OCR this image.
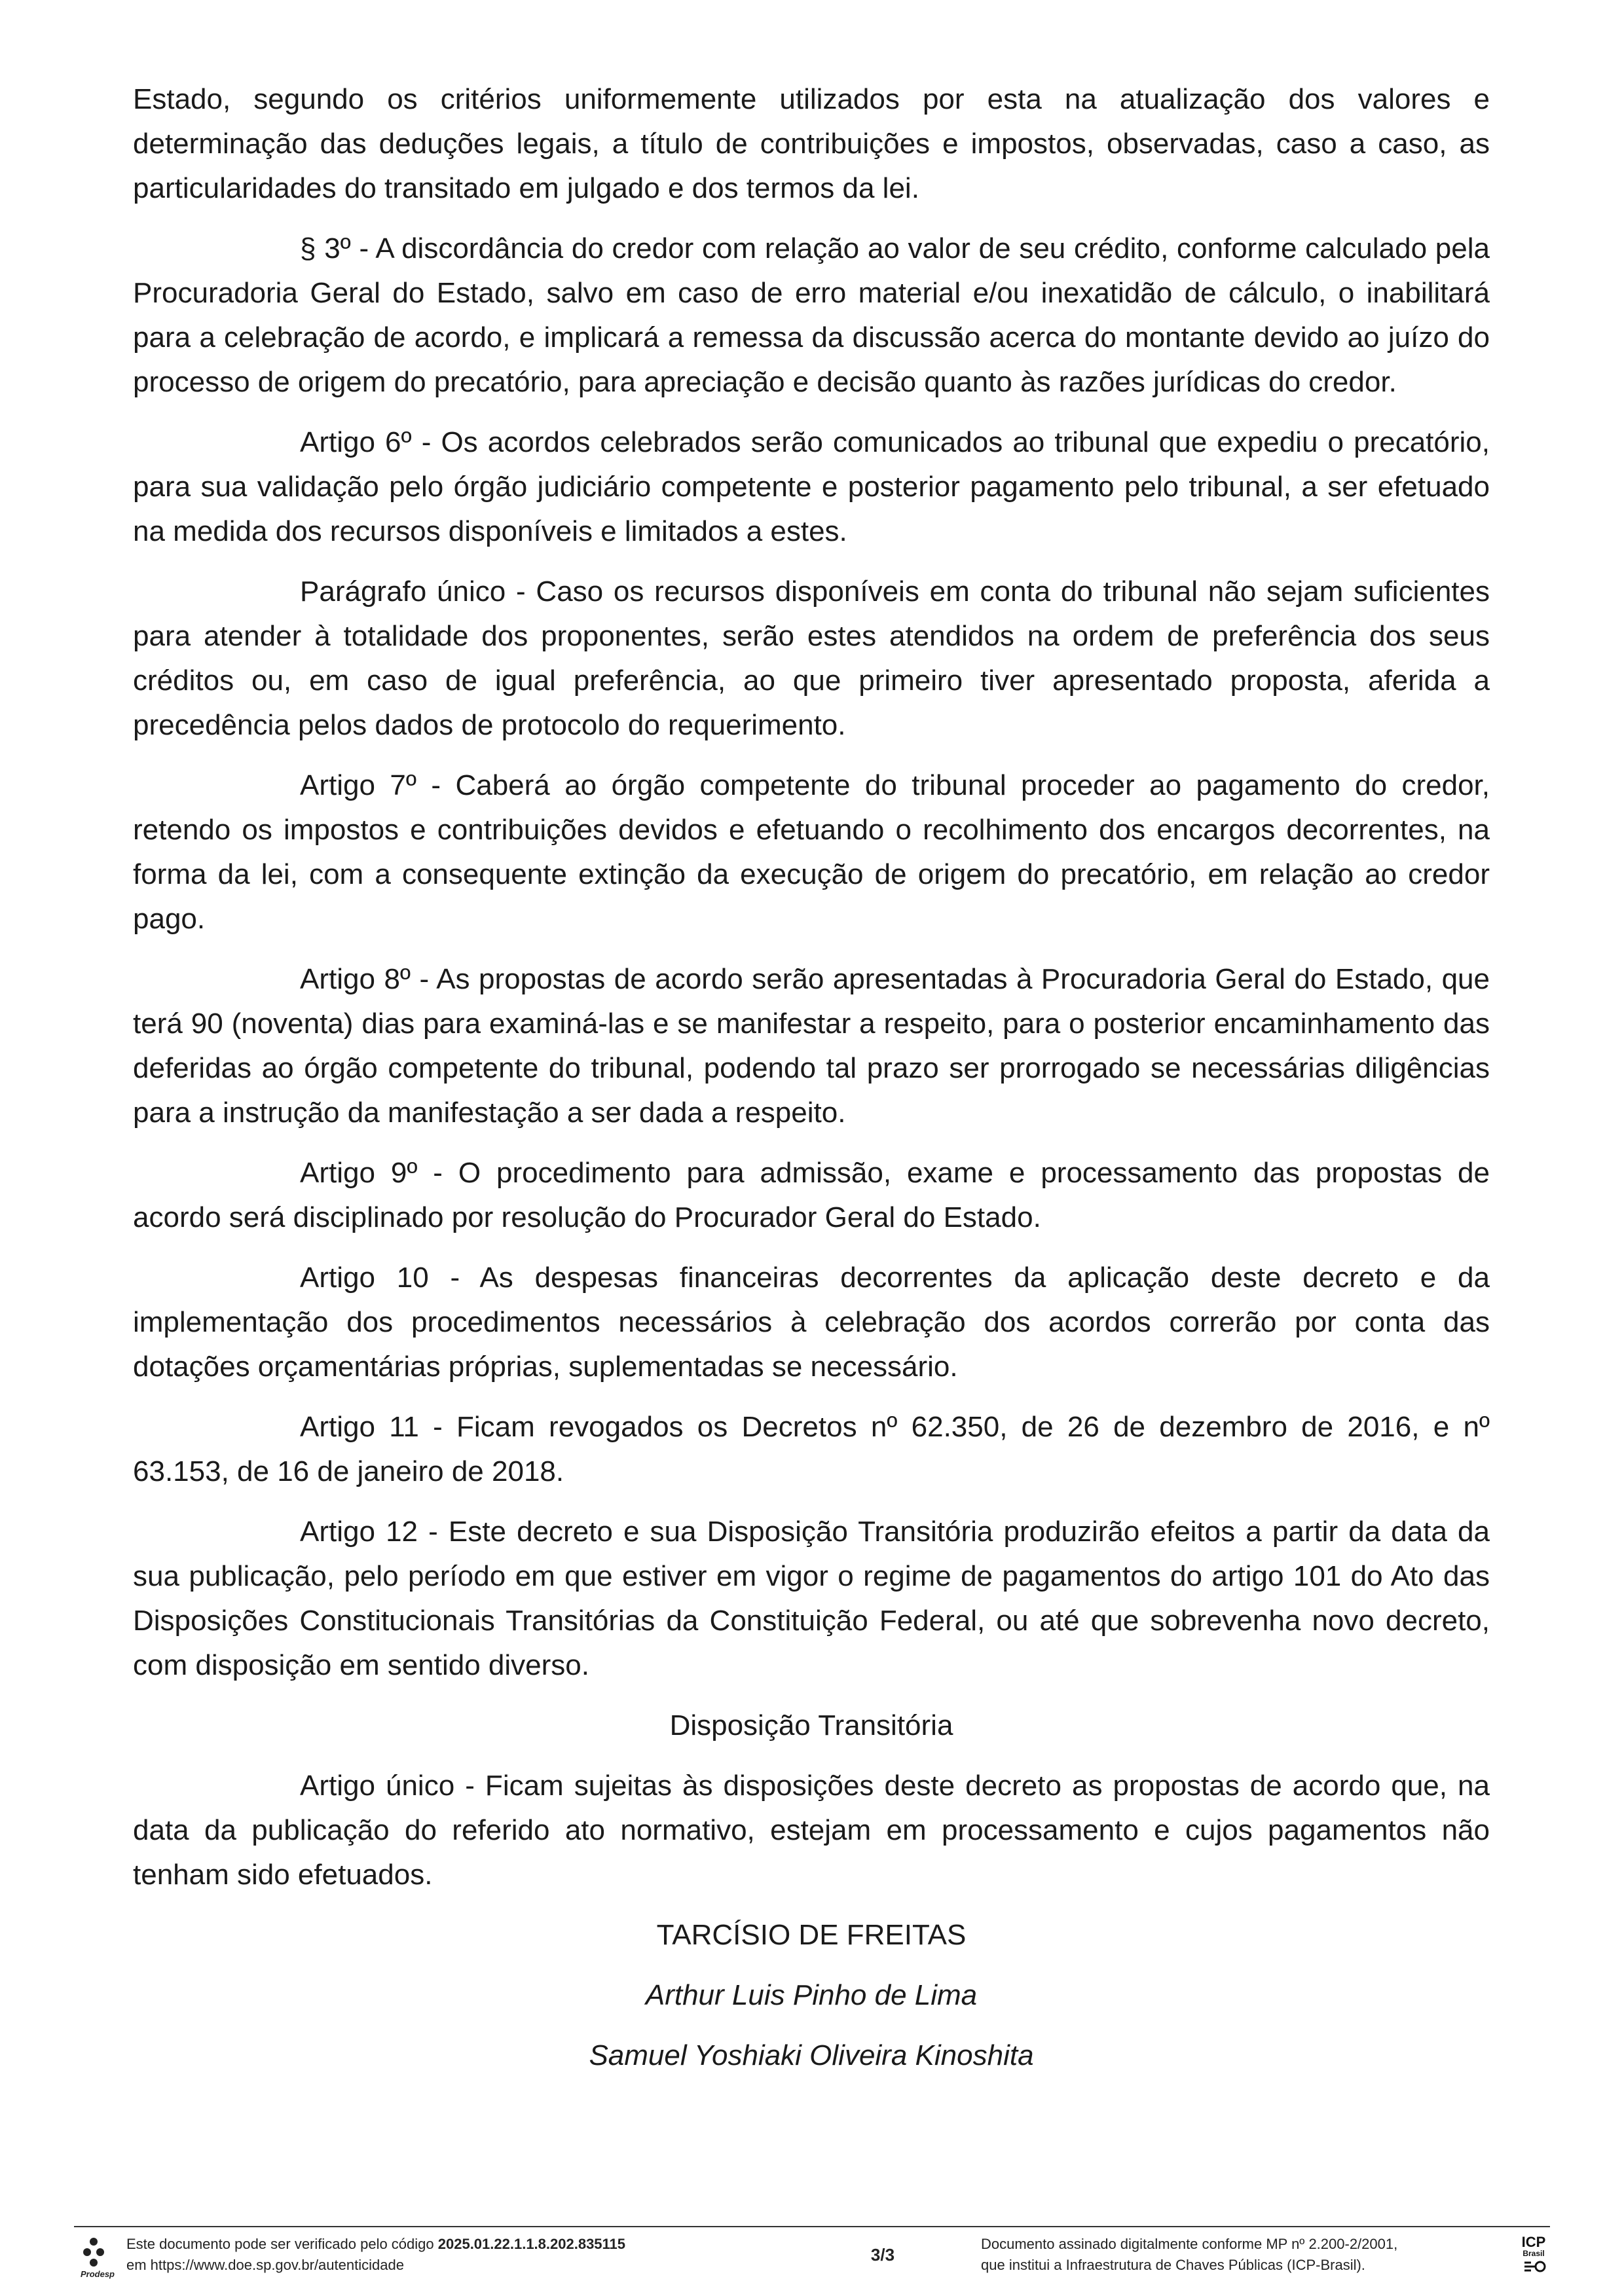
Estado, segundo os critérios uniformemente utilizados por esta na atualização dos valores e determinação das deduções legais, a título de contribuições e impostos, observadas, caso a caso, as particularidades do transitado em julgado e dos termos da lei.

§ 3º - A discordância do credor com relação ao valor de seu crédito, conforme calculado pela Procuradoria Geral do Estado, salvo em caso de erro material e/ou inexatidão de cálculo, o inabilitará para a celebração de acordo, e implicará a remessa da discussão acerca do montante devido ao juízo do processo de origem do precatório, para apreciação e decisão quanto às razões jurídicas do credor.

Artigo 6º - Os acordos celebrados serão comunicados ao tribunal que expediu o precatório, para sua validação pelo órgão judiciário competente e posterior pagamento pelo tribunal, a ser efetuado na medida dos recursos disponíveis e limitados a estes.

Parágrafo único - Caso os recursos disponíveis em conta do tribunal não sejam suficientes para atender à totalidade dos proponentes, serão estes atendidos na ordem de preferência dos seus créditos ou, em caso de igual preferência, ao que primeiro tiver apresentado proposta, aferida a precedência pelos dados de protocolo do requerimento.

Artigo 7º - Caberá ao órgão competente do tribunal proceder ao pagamento do credor, retendo os impostos e contribuições devidos e efetuando o recolhimento dos encargos decorrentes, na forma da lei, com a consequente extinção da execução de origem do precatório, em relação ao credor pago.

Artigo 8º - As propostas de acordo serão apresentadas à Procuradoria Geral do Estado, que terá 90 (noventa) dias para examiná-las e se manifestar a respeito, para o posterior encaminhamento das deferidas ao órgão competente do tribunal, podendo tal prazo ser prorrogado se necessárias diligências para a instrução da manifestação a ser dada a respeito.

Artigo 9º - O procedimento para admissão, exame e processamento das propostas de acordo será disciplinado por resolução do Procurador Geral do Estado.

Artigo 10 - As despesas financeiras decorrentes da aplicação deste decreto e da implementação dos procedimentos necessários à celebração dos acordos correrão por conta das dotações orçamentárias próprias, suplementadas se necessário.

Artigo 11 - Ficam revogados os Decretos nº 62.350, de 26 de dezembro de 2016, e nº 63.153, de 16 de janeiro de 2018.

Artigo 12 - Este decreto e sua Disposição Transitória produzirão efeitos a partir da data da sua publicação, pelo período em que estiver em vigor o regime de pagamentos do artigo 101 do Ato das Disposições Constitucionais Transitórias da Constituição Federal, ou até que sobrevenha novo decreto, com disposição em sentido diverso.

Disposição Transitória

Artigo único - Ficam sujeitas às disposições deste decreto as propostas de acordo que, na data da publicação do referido ato normativo, estejam em processamento e cujos pagamentos não tenham sido efetuados.

TARCÍSIO DE FREITAS

Arthur Luis Pinho de Lima

Samuel Yoshiaki Oliveira Kinoshita

Prodesp
Este documento pode ser verificado pelo código 2025.01.22.1.1.8.202.835115
em https://www.doe.sp.gov.br/autenticidade
3/3
Documento assinado digitalmente conforme MP nº 2.200-2/2001,
que institui a Infraestrutura de Chaves Públicas (ICP-Brasil).
ICP
Brasil
